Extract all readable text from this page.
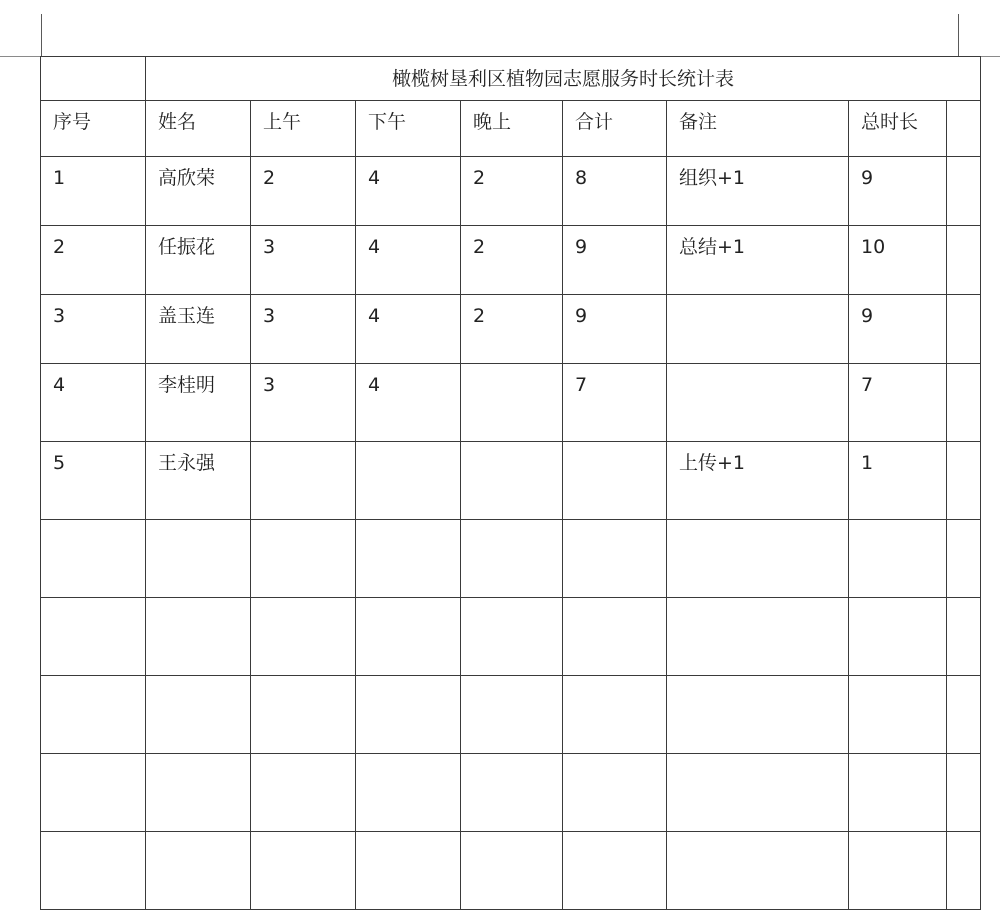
	橄榄树垦利区植物园志愿服务时长统计表							

序号	姓名	上午	下午	晚上	合计	备注	总时长	

1	高欣荣	2	4	2	8	组织+1	9	

2	任振花	3	4	2	9	总结+1	10	

3	盖玉连	3	4	2	9		9	

4	李桂明	3	4		7		7	

5	王永强					上传+1	1	
